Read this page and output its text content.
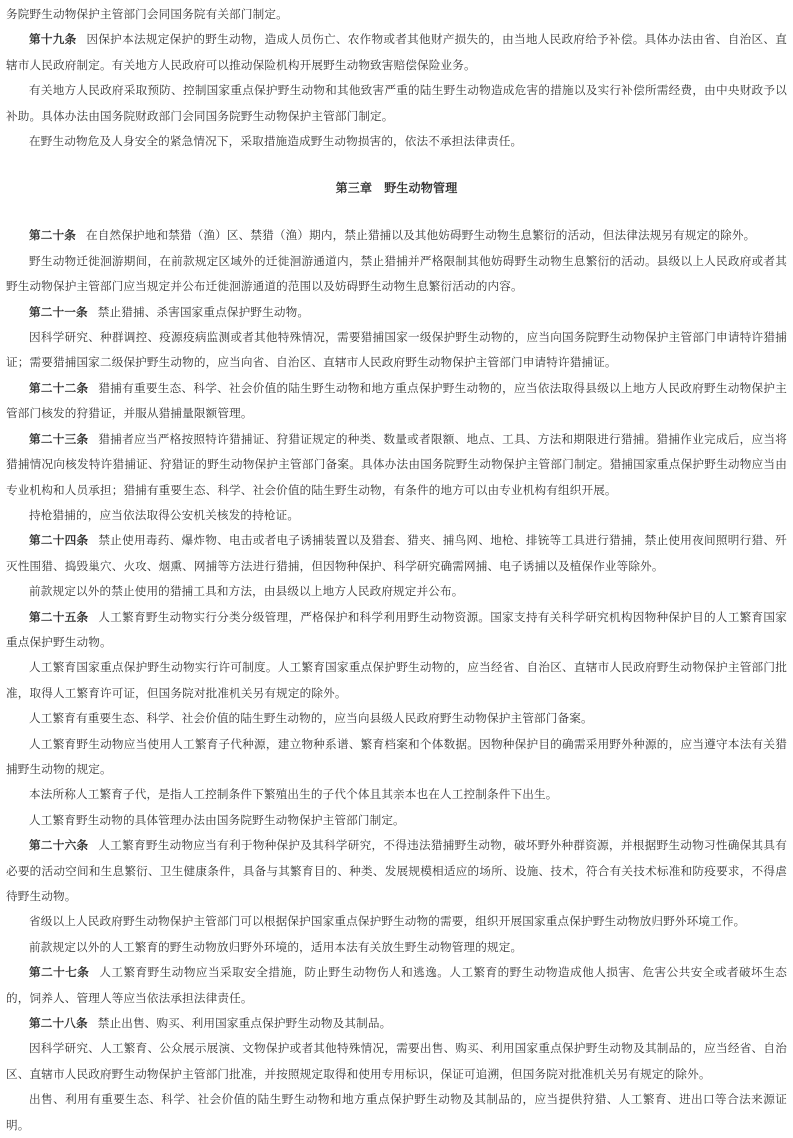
务院野生动物保护主管部门会同国务院有关部门制定。

第十九条 因保护本法规定保护的野生动物，造成人员伤亡、农作物或者其他财产损失的，由当地人民政府给予补偿。具体办法由省、自治区、直辖市人民政府制定。有关地方人民政府可以推动保险机构开展野生动物致害赔偿保险业务。

有关地方人民政府采取预防、控制国家重点保护野生动物和其他致害严重的陆生野生动物造成危害的措施以及实行补偿所需经费，由中央财政予以补助。具体办法由国务院财政部门会同国务院野生动物保护主管部门制定。

在野生动物危及人身安全的紧急情况下，采取措施造成野生动物损害的，依法不承担法律责任。

第三章 野生动物管理

第二十条 在自然保护地和禁猎（渔）区、禁猎（渔）期内，禁止猎捕以及其他妨碍野生动物生息繁衍的活动，但法律法规另有规定的除外。

野生动物迁徙洄游期间，在前款规定区域外的迁徙洄游通道内，禁止猎捕并严格限制其他妨碍野生动物生息繁衍的活动。县级以上人民政府或者其野生动物保护主管部门应当规定并公布迁徙洄游通道的范围以及妨碍野生动物生息繁衍活动的内容。

第二十一条 禁止猎捕、杀害国家重点保护野生动物。

因科学研究、种群调控、疫源疫病监测或者其他特殊情况，需要猎捕国家一级保护野生动物的，应当向国务院野生动物保护主管部门申请特许猎捕证；需要猎捕国家二级保护野生动物的，应当向省、自治区、直辖市人民政府野生动物保护主管部门申请特许猎捕证。

第二十二条 猎捕有重要生态、科学、社会价值的陆生野生动物和地方重点保护野生动物的，应当依法取得县级以上地方人民政府野生动物保护主管部门核发的狩猎证，并服从猎捕量限额管理。

第二十三条 猎捕者应当严格按照特许猎捕证、狩猎证规定的种类、数量或者限额、地点、工具、方法和期限进行猎捕。猎捕作业完成后，应当将猎捕情况向核发特许猎捕证、狩猎证的野生动物保护主管部门备案。具体办法由国务院野生动物保护主管部门制定。猎捕国家重点保护野生动物应当由专业机构和人员承担；猎捕有重要生态、科学、社会价值的陆生野生动物，有条件的地方可以由专业机构有组织开展。

持枪猎捕的，应当依法取得公安机关核发的持枪证。

第二十四条 禁止使用毒药、爆炸物、电击或者电子诱捕装置以及猎套、猎夹、捕鸟网、地枪、排铳等工具进行猎捕，禁止使用夜间照明行猎、歼灭性围猎、捣毁巢穴、火攻、烟熏、网捕等方法进行猎捕，但因物种保护、科学研究确需网捕、电子诱捕以及植保作业等除外。

前款规定以外的禁止使用的猎捕工具和方法，由县级以上地方人民政府规定并公布。

第二十五条 人工繁育野生动物实行分类分级管理，严格保护和科学利用野生动物资源。国家支持有关科学研究机构因物种保护目的人工繁育国家重点保护野生动物。

人工繁育国家重点保护野生动物实行许可制度。人工繁育国家重点保护野生动物的，应当经省、自治区、直辖市人民政府野生动物保护主管部门批准，取得人工繁育许可证，但国务院对批准机关另有规定的除外。

人工繁育有重要生态、科学、社会价值的陆生野生动物的，应当向县级人民政府野生动物保护主管部门备案。

人工繁育野生动物应当使用人工繁育子代种源，建立物种系谱、繁育档案和个体数据。因物种保护目的确需采用野外种源的，应当遵守本法有关猎捕野生动物的规定。

本法所称人工繁育子代，是指人工控制条件下繁殖出生的子代个体且其亲本也在人工控制条件下出生。

人工繁育野生动物的具体管理办法由国务院野生动物保护主管部门制定。

第二十六条 人工繁育野生动物应当有利于物种保护及其科学研究，不得违法猎捕野生动物，破坏野外种群资源，并根据野生动物习性确保其具有必要的活动空间和生息繁衍、卫生健康条件，具备与其繁育目的、种类、发展规模相适应的场所、设施、技术，符合有关技术标准和防疫要求，不得虐待野生动物。

省级以上人民政府野生动物保护主管部门可以根据保护国家重点保护野生动物的需要，组织开展国家重点保护野生动物放归野外环境工作。

前款规定以外的人工繁育的野生动物放归野外环境的，适用本法有关放生野生动物管理的规定。

第二十七条 人工繁育野生动物应当采取安全措施，防止野生动物伤人和逃逸。人工繁育的野生动物造成他人损害、危害公共安全或者破坏生态的，饲养人、管理人等应当依法承担法律责任。

第二十八条 禁止出售、购买、利用国家重点保护野生动物及其制品。

因科学研究、人工繁育、公众展示展演、文物保护或者其他特殊情况，需要出售、购买、利用国家重点保护野生动物及其制品的，应当经省、自治区、直辖市人民政府野生动物保护主管部门批准，并按照规定取得和使用专用标识，保证可追溯，但国务院对批准机关另有规定的除外。

出售、利用有重要生态、科学、社会价值的陆生野生动物和地方重点保护野生动物及其制品的，应当提供狩猎、人工繁育、进出口等合法来源证明。
